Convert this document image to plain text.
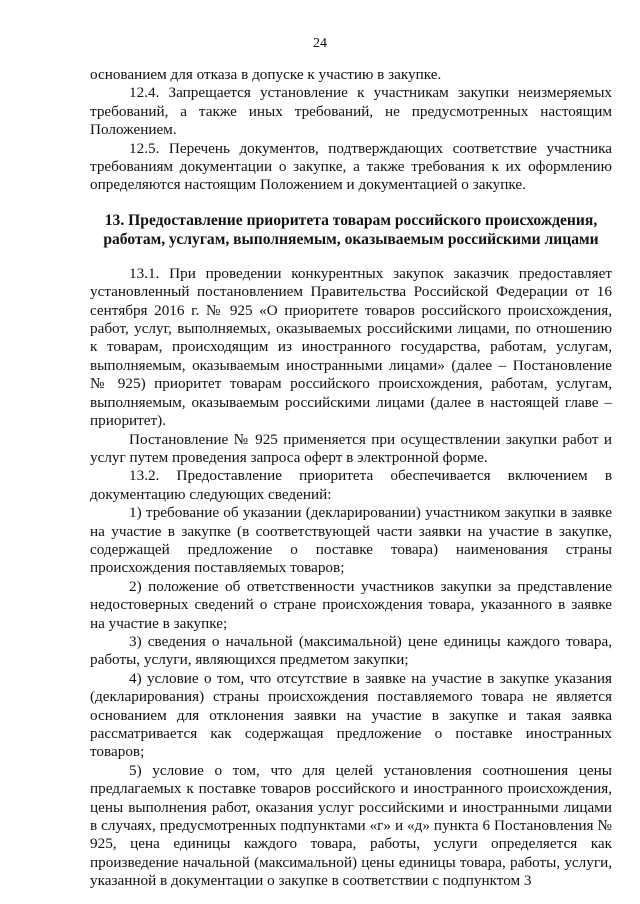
24

основанием для отказа в допуске к участию в закупке.

12.4. Запрещается установление к участникам закупки неизмеряемых требований, а также иных требований, не предусмотренных настоящим Положением.

12.5. Перечень документов, подтверждающих соответствие участника требованиям документации о закупке, а также требования к их оформлению определяются настоящим Положением и документацией о закупке.

13. Предоставление приоритета товарам российского происхождения, работам, услугам, выполняемым, оказываемым российскими лицами

13.1. При проведении конкурентных закупок заказчик предоставляет установленный постановлением Правительства Российской Федерации от 16 сентября 2016 г. № 925 «О приоритете товаров российского происхождения, работ, услуг, выполняемых, оказываемых российскими лицами, по отношению к товарам, происходящим из иностранного государства, работам, услугам, выполняемым, оказываемым иностранными лицами» (далее – Постановление № 925) приоритет товарам российского происхождения, работам, услугам, выполняемым, оказываемым российскими лицами (далее в настоящей главе – приоритет).

Постановление № 925 применяется при осуществлении закупки работ и услуг путем проведения запроса оферт в электронной форме.

13.2. Предоставление приоритета обеспечивается включением в документацию следующих сведений:

1) требование об указании (декларировании) участником закупки в заявке на участие в закупке (в соответствующей части заявки на участие в закупке, содержащей предложение о поставке товара) наименования страны происхождения поставляемых товаров;

2) положение об ответственности участников закупки за представление недостоверных сведений о стране происхождения товара, указанного в заявке на участие в закупке;

3) сведения о начальной (максимальной) цене единицы каждого товара, работы, услуги, являющихся предметом закупки;

4) условие о том, что отсутствие в заявке на участие в закупке указания (декларирования) страны происхождения поставляемого товара не является основанием для отклонения заявки на участие в закупке и такая заявка рассматривается как содержащая предложение о поставке иностранных товаров;

5) условие о том, что для целей установления соотношения цены предлагаемых к поставке товаров российского и иностранного происхождения, цены выполнения работ, оказания услуг российскими и иностранными лицами в случаях, предусмотренных подпунктами «г» и «д» пункта 6 Постановления № 925, цена единицы каждого товара, работы, услуги определяется как произведение начальной (максимальной) цены единицы товара, работы, услуги, указанной в документации о закупке в соответствии с подпунктом 3
